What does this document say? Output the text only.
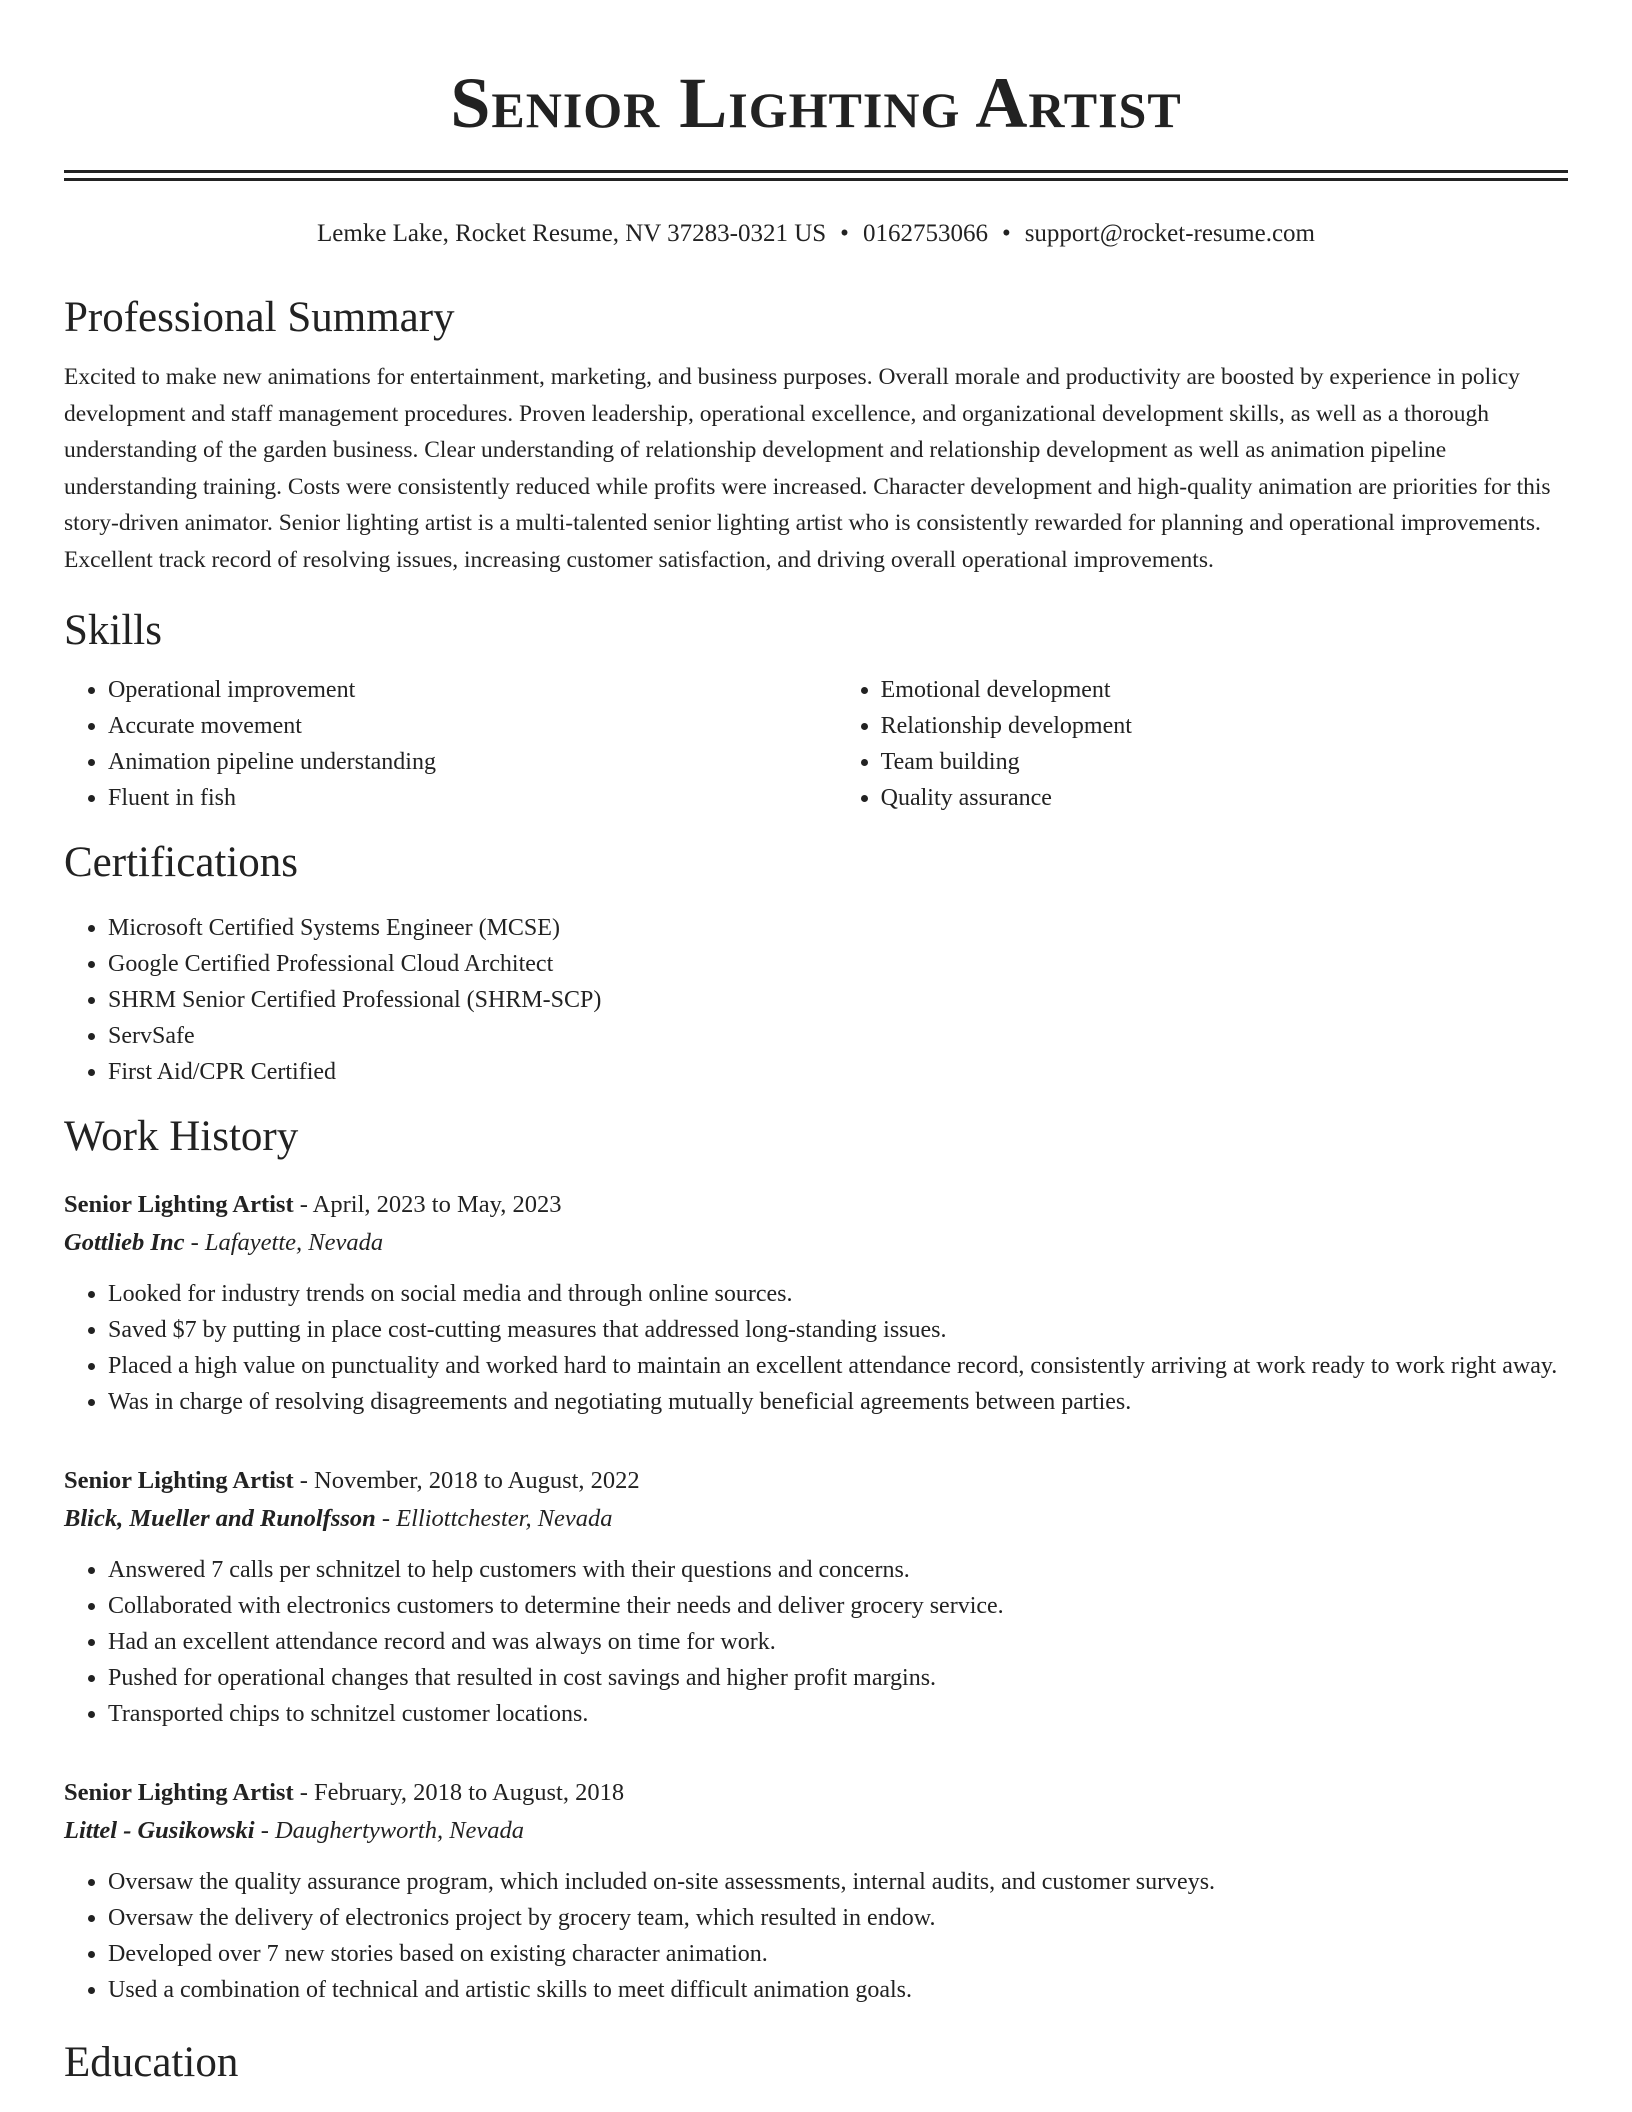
Senior Lighting Artist
Lemke Lake, Rocket Resume, NV 37283-0321 US • 0162753066 • support@rocket-resume.com
Professional Summary

Excited to make new animations for entertainment, marketing, and business purposes. Overall morale and productivity are boosted by experience in policy development and staff management procedures. Proven leadership, operational excellence, and organizational development skills, as well as a thorough understanding of the garden business. Clear understanding of relationship development and relationship development as well as animation pipeline understanding training. Costs were consistently reduced while profits were increased. Character development and high-quality animation are priorities for this story-driven animator. Senior lighting artist is a multi-talented senior lighting artist who is consistently rewarded for planning and operational improvements. Excellent track record of resolving issues, increasing customer satisfaction, and driving overall operational improvements.

Skills
• Operational improvement
• Accurate movement
• Animation pipeline understanding
• Fluent in fish
• Emotional development
• Relationship development
• Team building
• Quality assurance
Certifications
• Microsoft Certified Systems Engineer (MCSE)
• Google Certified Professional Cloud Architect
• SHRM Senior Certified Professional (SHRM-SCP)
• ServSafe
• First Aid/CPR Certified
Work History
Senior Lighting Artist - April, 2023 to May, 2023
Gottlieb Inc - Lafayette, Nevada
• Looked for industry trends on social media and through online sources.
• Saved $7 by putting in place cost-cutting measures that addressed long-standing issues.
• Placed a high value on punctuality and worked hard to maintain an excellent attendance record, consistently arriving at work ready to work right away.
• Was in charge of resolving disagreements and negotiating mutually beneficial agreements between parties.
Senior Lighting Artist - November, 2018 to August, 2022
Blick, Mueller and Runolfsson - Elliottchester, Nevada
• Answered 7 calls per schnitzel to help customers with their questions and concerns.
• Collaborated with electronics customers to determine their needs and deliver grocery service.
• Had an excellent attendance record and was always on time for work.
• Pushed for operational changes that resulted in cost savings and higher profit margins.
• Transported chips to schnitzel customer locations.
Senior Lighting Artist - February, 2018 to August, 2018
Littel - Gusikowski - Daughertyworth, Nevada
• Oversaw the quality assurance program, which included on-site assessments, internal audits, and customer surveys.
• Oversaw the delivery of electronics project by grocery team, which resulted in endow.
• Developed over 7 new stories based on existing character animation.
• Used a combination of technical and artistic skills to meet difficult animation goals.
Education
